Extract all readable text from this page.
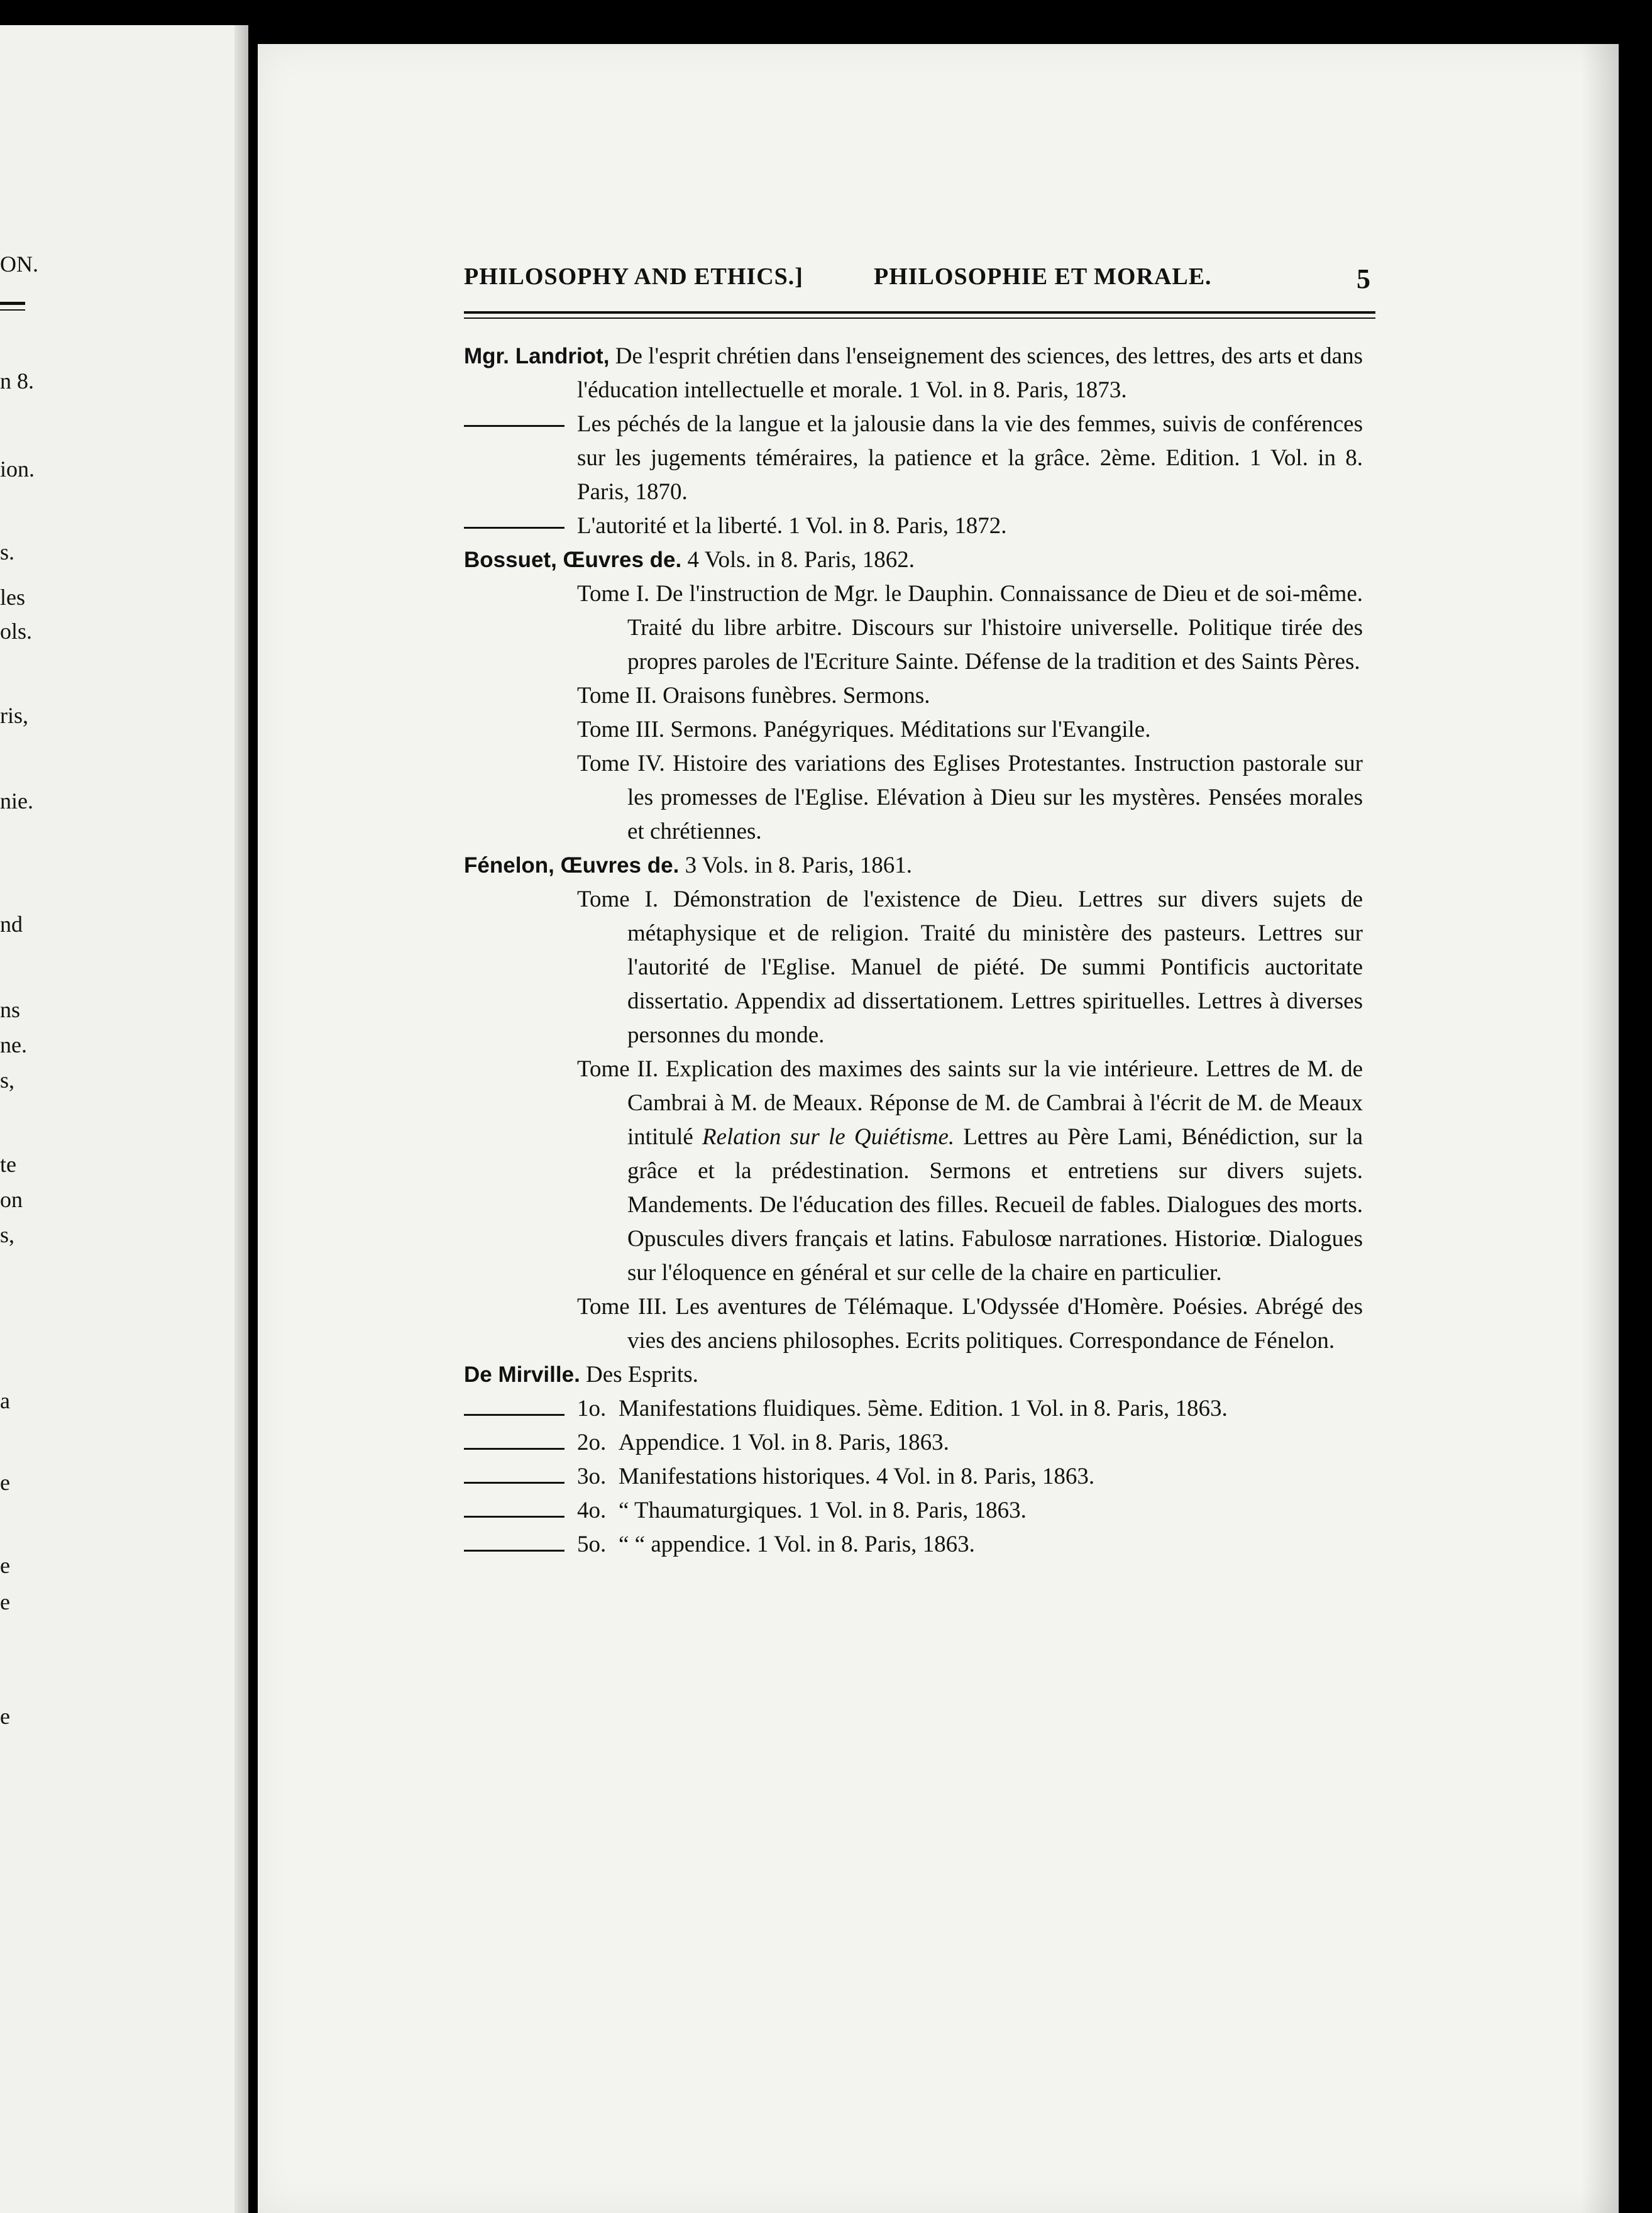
ON.
n 8.
ion.
s.
les
ols.
ris,
nie.
nd
ns
ne.
s,
te
on
s,
a
e
e
e
e
PHILOSOPHY AND ETHICS.]	PHILOSOPHIE ET MORALE.	5

Mgr. Landriot, De l'esprit chrétien dans l'enseignement des sciences, des lettres, des arts et dans l'éducation intellectuelle et morale. 1 Vol. in 8. Paris, 1873.

Les péchés de la langue et la jalousie dans la vie des femmes, suivis de conférences sur les jugements téméraires, la patience et la grâce. 2ème. Edition. 1 Vol. in 8. Paris, 1870.

L'autorité et la liberté. 1 Vol. in 8. Paris, 1872.

Bossuet, Œuvres de. 4 Vols. in 8. Paris, 1862.

Tome I. De l'instruction de Mgr. le Dauphin. Connaissance de Dieu et de soi-même. Traité du libre arbitre. Discours sur l'histoire universelle. Politique tirée des propres paroles de l'Ecriture Sainte. Défense de la tradition et des Saints Pères.

Tome II. Oraisons funèbres. Sermons.

Tome III. Sermons. Panégyriques. Méditations sur l'Evangile.

Tome IV. Histoire des variations des Eglises Protestantes. Instruction pastorale sur les promesses de l'Eglise. Elévation à Dieu sur les mystères. Pensées morales et chrétiennes.

Fénelon, Œuvres de. 3 Vols. in 8. Paris, 1861.

Tome I. Démonstration de l'existence de Dieu. Lettres sur divers sujets de métaphysique et de religion. Traité du ministère des pasteurs. Lettres sur l'autorité de l'Eglise. Manuel de piété. De summi Pontificis auctoritate dissertatio. Appendix ad dissertationem. Lettres spirituelles. Lettres à diverses personnes du monde.

Tome II. Explication des maximes des saints sur la vie intérieure. Lettres de M. de Cambrai à M. de Meaux. Réponse de M. de Cambrai à l'écrit de M. de Meaux intitulé Relation sur le Quiétisme. Lettres au Père Lami, Bénédiction, sur la grâce et la prédestination. Sermons et entretiens sur divers sujets. Mandements. De l'éducation des filles. Recueil de fables. Dialogues des morts. Opuscules divers français et latins. Fabulosœ narrationes. Historiœ. Dialogues sur l'éloquence en général et sur celle de la chaire en particulier.

Tome III. Les aventures de Télémaque. L'Odyssée d'Homère. Poésies. Abrégé des vies des anciens philosophes. Ecrits politiques. Correspondance de Fénelon.

De Mirville. Des Esprits.

1o. Manifestations fluidiques. 5ème. Edition. 1 Vol. in 8. Paris, 1863.

2o. Appendice. 1 Vol. in 8. Paris, 1863.

3o. Manifestations historiques. 4 Vol. in 8. Paris, 1863.

4o. “ Thaumaturgiques. 1 Vol. in 8. Paris, 1863.

5o. “ “ appendice. 1 Vol. in 8. Paris, 1863.
